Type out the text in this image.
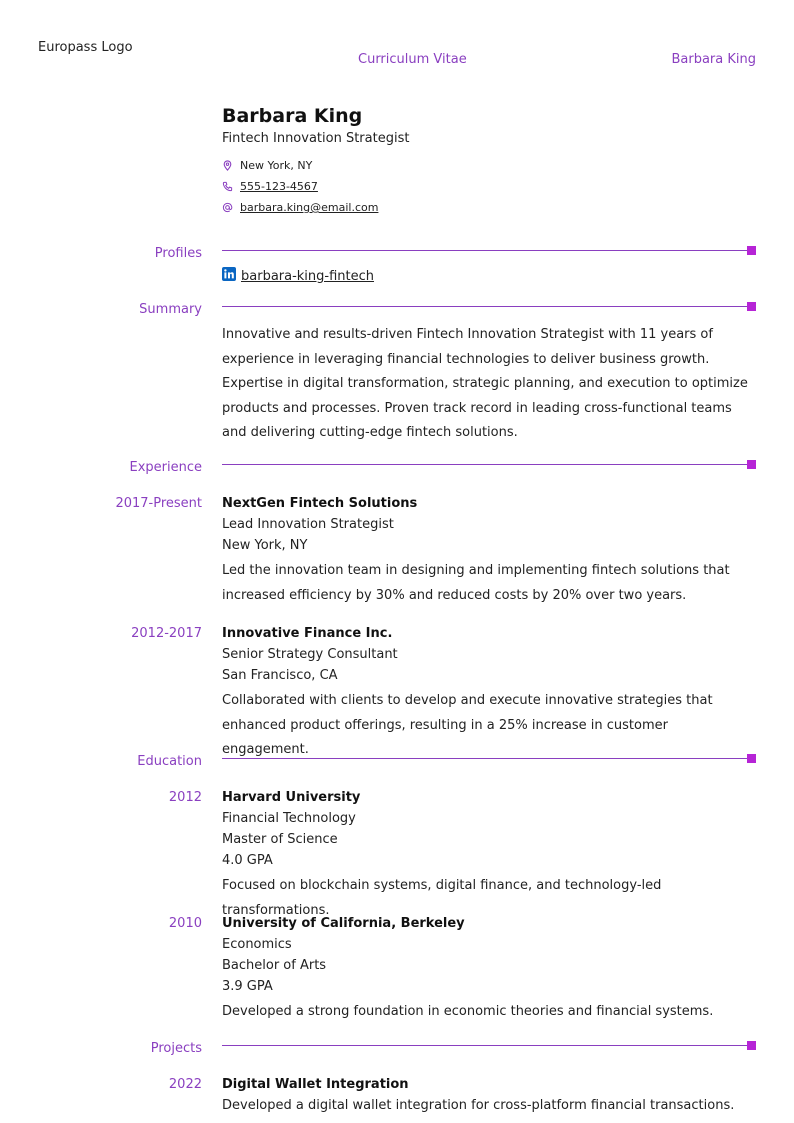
Europass Logo
Curriculum Vitae	Barbara King
Barbara King
Fintech Innovation Strategist
New York, NY
555-123-4567
barbara.king@email.com
Profiles
barbara-king-fintech
Summary
Innovative and results-driven Fintech Innovation Strategist with 11 years of experience in leveraging financial technologies to deliver business growth. Expertise in digital transformation, strategic planning, and execution to optimize products and processes. Proven track record in leading cross-functional teams and delivering cutting-edge fintech solutions.
Experience
2017-Present NextGen Fintech Solutions
Lead Innovation Strategist
New York, NY
Led the innovation team in designing and implementing fintech solutions that increased efficiency by 30% and reduced costs by 20% over two years.
2012-2017 Innovative Finance Inc.
Senior Strategy Consultant
San Francisco, CA
Collaborated with clients to develop and execute innovative strategies that enhanced product offerings, resulting in a 25% increase in customer engagement.
Education
2012 Harvard University
Financial Technology
Master of Science
4.0 GPA
Focused on blockchain systems, digital finance, and technology-led transformations.
2010 University of California, Berkeley
Economics
Bachelor of Arts
3.9 GPA
Developed a strong foundation in economic theories and financial systems.
Projects
2022 Digital Wallet Integration
Developed a digital wallet integration for cross-platform financial transactions.
